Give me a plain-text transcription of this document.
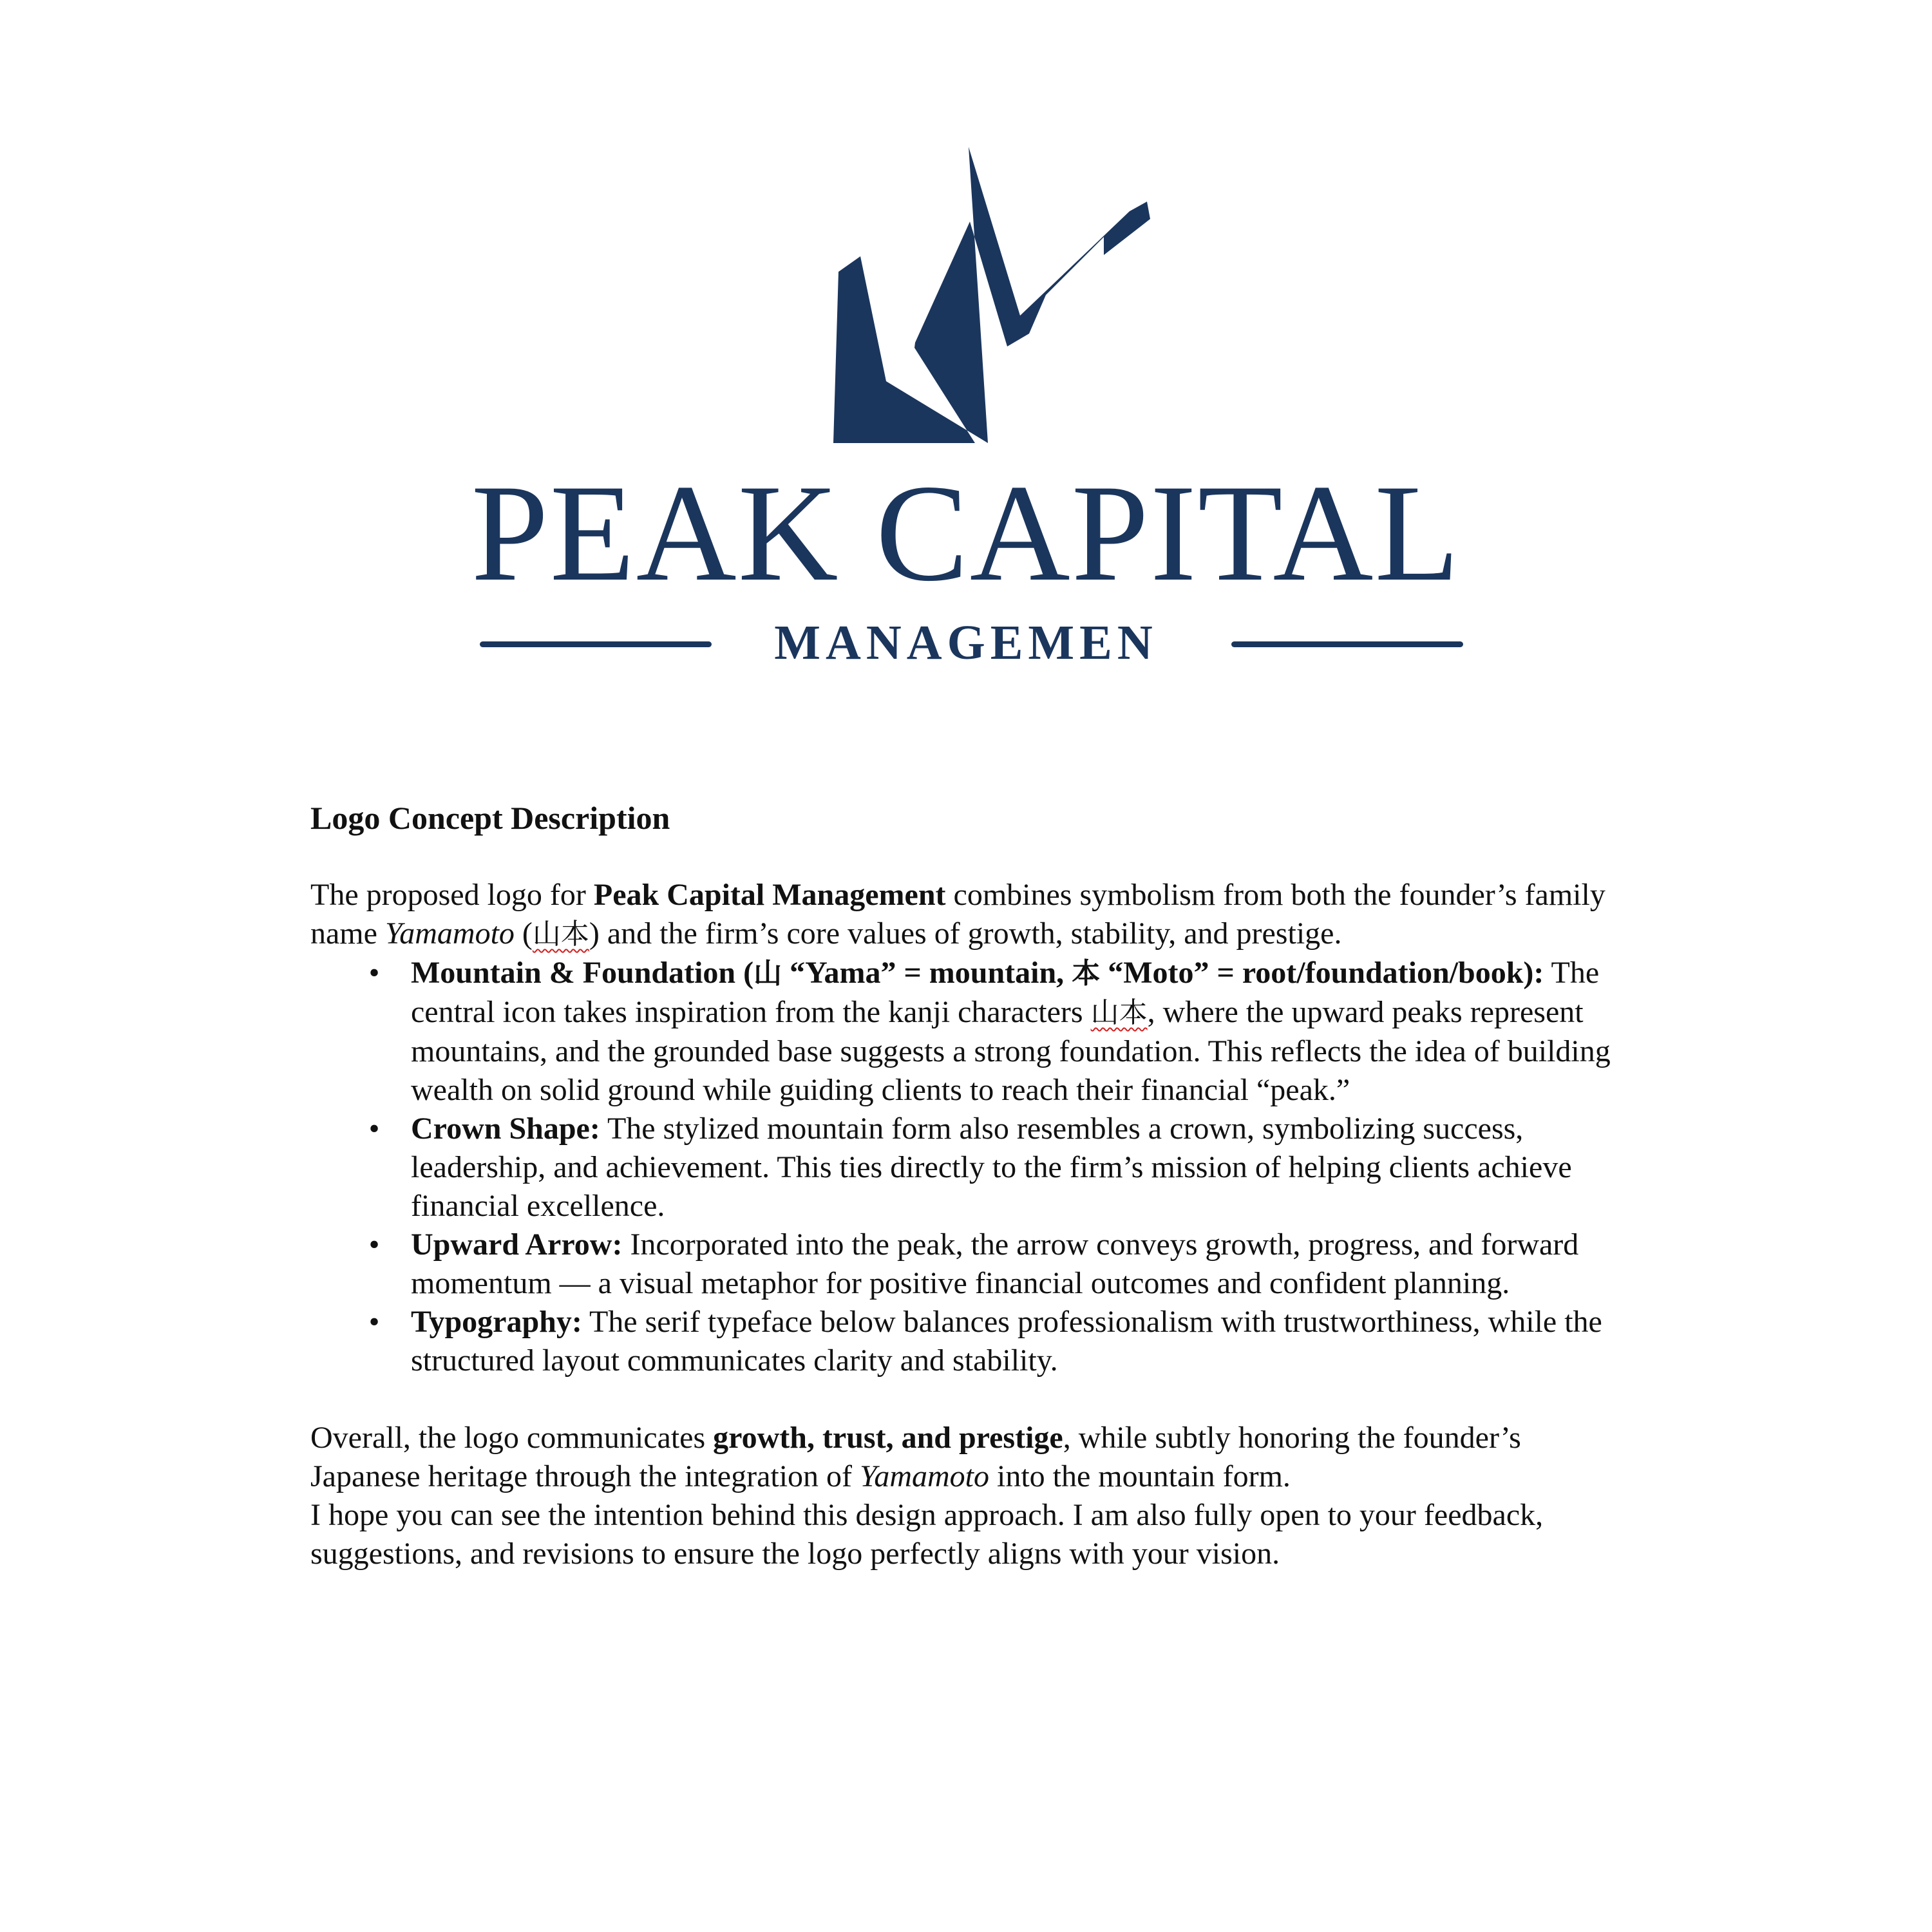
PEAK CAPITAL
MANAGEMEN
Logo Concept Description

The proposed logo for Peak Capital Management combines symbolism from both the founder’s family name Yamamoto (山本) and the firm’s core values of growth, stability, and prestige.

• Mountain & Foundation (山 “Yama” = mountain, 本 “Moto” = root/foundation/book): The central icon takes inspiration from the kanji characters 山本, where the upward peaks represent mountains, and the grounded base suggests a strong foundation. This reflects the idea of building wealth on solid ground while guiding clients to reach their financial “peak.”
• Crown Shape: The stylized mountain form also resembles a crown, symbolizing success, leadership, and achievement. This ties directly to the firm’s mission of helping clients achieve financial excellence.
• Upward Arrow: Incorporated into the peak, the arrow conveys growth, progress, and forward momentum — a visual metaphor for positive financial outcomes and confident planning.
• Typography: The serif typeface below balances professionalism with trustworthiness, while the structured layout communicates clarity and stability.

Overall, the logo communicates growth, trust, and prestige, while subtly honoring the founder’s Japanese heritage through the integration of Yamamoto into the mountain form.

I hope you can see the intention behind this design approach. I am also fully open to your feedback, suggestions, and revisions to ensure the logo perfectly aligns with your vision.
